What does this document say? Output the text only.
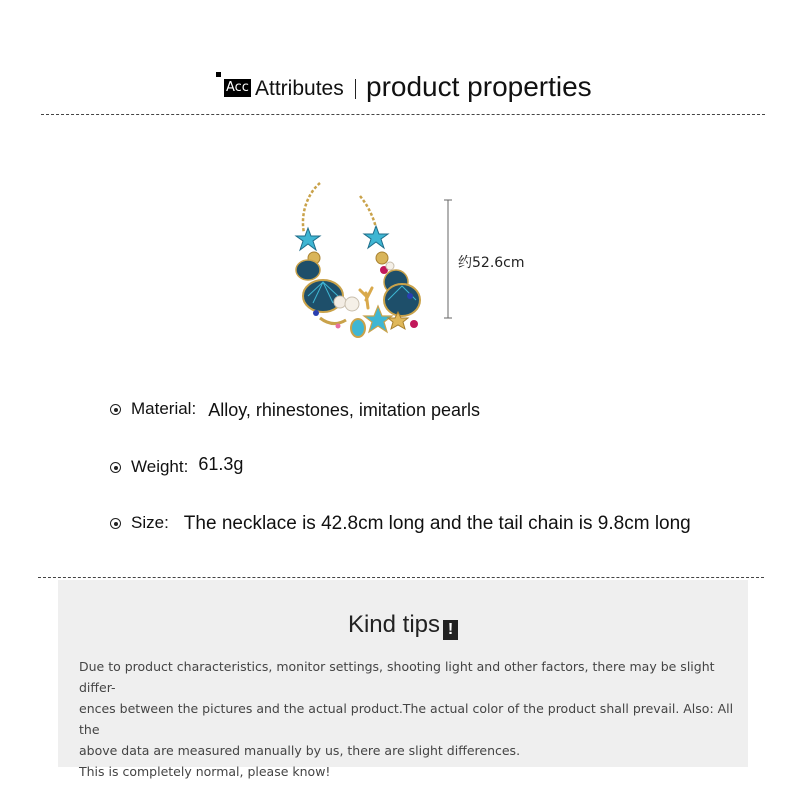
Acc Attributes product properties
约52.6cm
Material: Alloy, rhinestones, imitation pearls
Weight: 61.3g
Size: The necklace is 42.8cm long and the tail chain is 9.8cm long
Kind tips !

Due to product characteristics, monitor settings, shooting light and other factors, there may be slight differ-

ences between the pictures and the actual product.The actual color of the product shall prevail. Also: All the

above data are measured manually by us, there are slight differences.

This is completely normal, please know!
